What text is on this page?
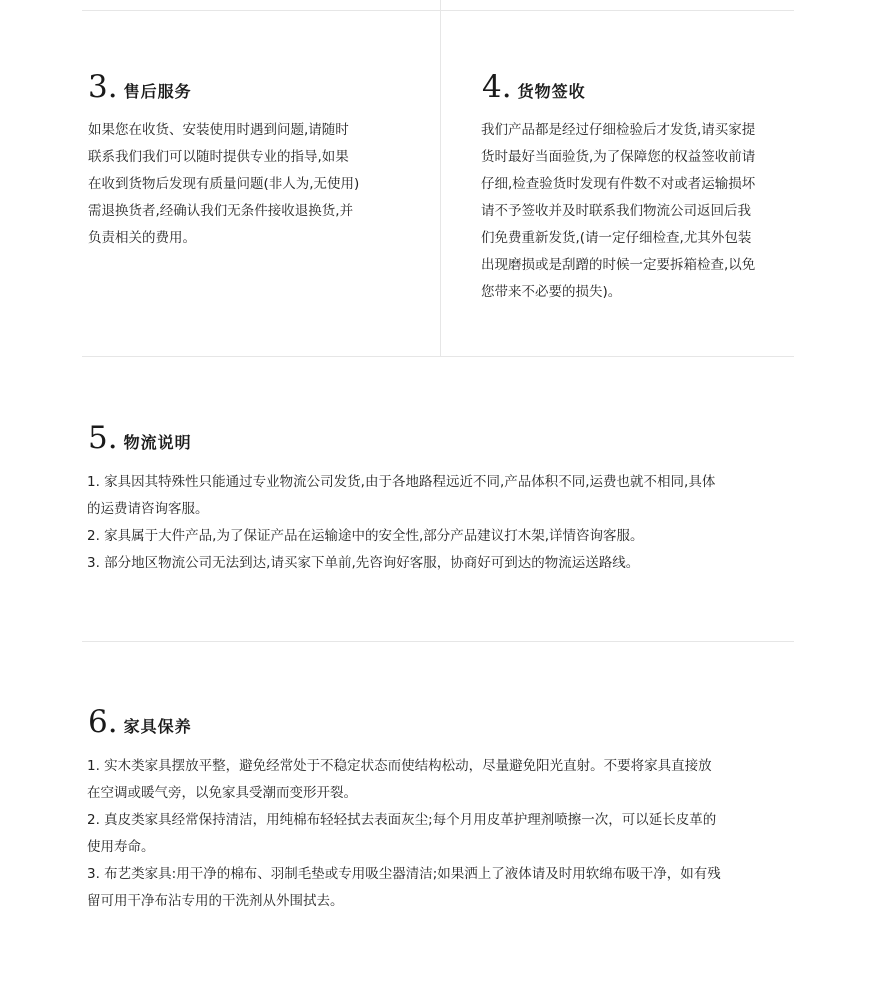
3. 售后服务

如果您在收货、安装使用时遇到问题,请随时

联系我们我们可以随时提供专业的指导,如果

在收到货物后发现有质量问题(非人为,无使用)

需退换货者,经确认我们无条件接收退换货,并

负责相关的费用。

4. 货物签收

我们产品都是经过仔细检验后才发货,请买家提

货时最好当面验货,为了保障您的权益签收前请

仔细,检查验货时发现有件数不对或者运输损坏

请不予签收并及时联系我们物流公司返回后我

们免费重新发货,(请一定仔细检查,尤其外包装

出现磨损或是刮蹭的时候一定要拆箱检查,以免

您带来不必要的损失)。

5. 物流说明

1. 家具因其特殊性只能通过专业物流公司发货,由于各地路程远近不同,产品体积不同,运费也就不相同,具体

的运费请咨询客服。

2. 家具属于大件产品,为了保证产品在运输途中的安全性,部分产品建议打木架,详情咨询客服。

3. 部分地区物流公司无法到达,请买家下单前,先咨询好客服，协商好可到达的物流运送路线。

6. 家具保养

1. 实木类家具摆放平整，避免经常处于不稳定状态而使结构松动，尽量避免阳光直射。不要将家具直接放

在空调或暖气旁，以免家具受潮而变形开裂。

2. 真皮类家具经常保持清洁，用纯棉布轻轻拭去表面灰尘;每个月用皮革护理剂喷擦一次，可以延长皮革的

使用寿命。

3. 布艺类家具:用干净的棉布、羽制毛垫或专用吸尘器清洁;如果洒上了液体请及时用软绵布吸干净，如有残

留可用干净布沾专用的干洗剂从外围拭去。
